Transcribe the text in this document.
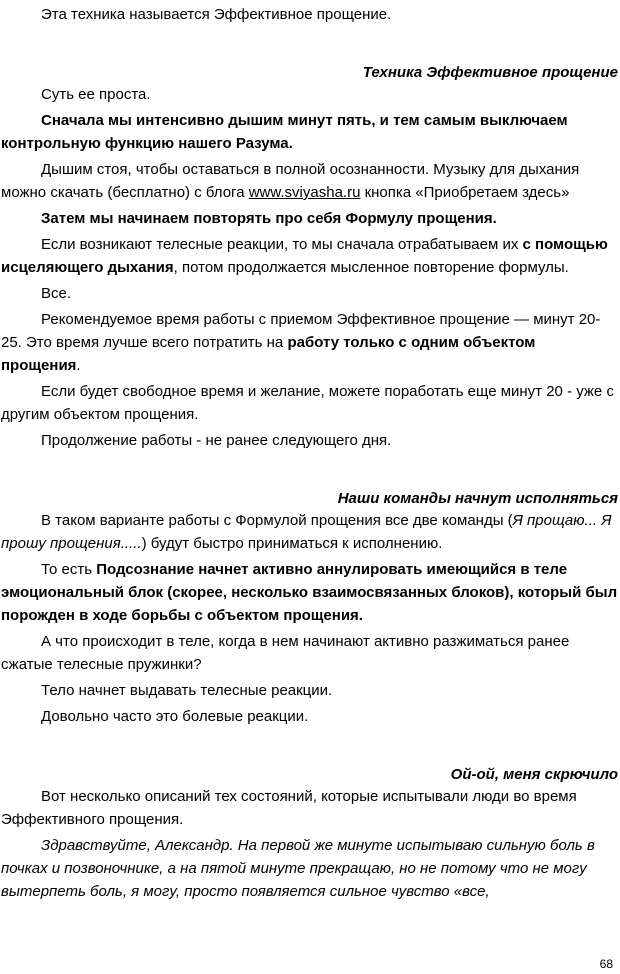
Эта техника называется Эффективное прощение.

Техника Эффективное прощение

Суть ее проста.

Сначала мы интенсивно дышим минут пять, и тем самым выключаем контрольную функцию нашего Разума.

Дышим стоя, чтобы оставаться в полной осознанности. Музыку для дыхания можно скачать (бесплатно) с блога www.sviyasha.ru кнопка «Приобретаем здесь»

Затем мы начинаем повторять про себя Формулу прощения.

Если возникают телесные реакции, то мы сначала отрабатываем их с помощью исцеляющего дыхания, потом продолжается мысленное повторение формулы.

Все.

Рекомендуемое время работы с приемом Эффективное прощение — минут 20-25. Это время лучше всего потратить на работу только с одним объектом прощения.

Если будет свободное время и желание, можете поработать еще минут 20 - уже с другим объектом прощения.

Продолжение работы - не ранее следующего дня.

Наши команды начнут исполняться

В таком варианте работы с Формулой прощения все две команды (Я прощаю... Я прошу прощения.....) будут быстро приниматься к исполнению.

То есть Подсознание начнет активно аннулировать имеющийся в теле эмоциональный блок (скорее, несколько взаимосвязанных блоков), который был порожден в ходе борьбы с объектом прощения.

А что происходит в теле, когда в нем начинают активно разжиматься ранее сжатые телесные пружинки?

Тело начнет выдавать телесные реакции.

Довольно часто это болевые реакции.

Ой-ой, меня скрючило

Вот несколько описаний тех состояний, которые испытывали люди во время Эффективного прощения.

Здравствуйте, Александр. На первой же минуте испытываю сильную боль в почках и позвоночнике, а на пятой минуте прекращаю, но не потому что не могу вытерпеть боль, я могу, просто появляется сильное чувство «все,

68
